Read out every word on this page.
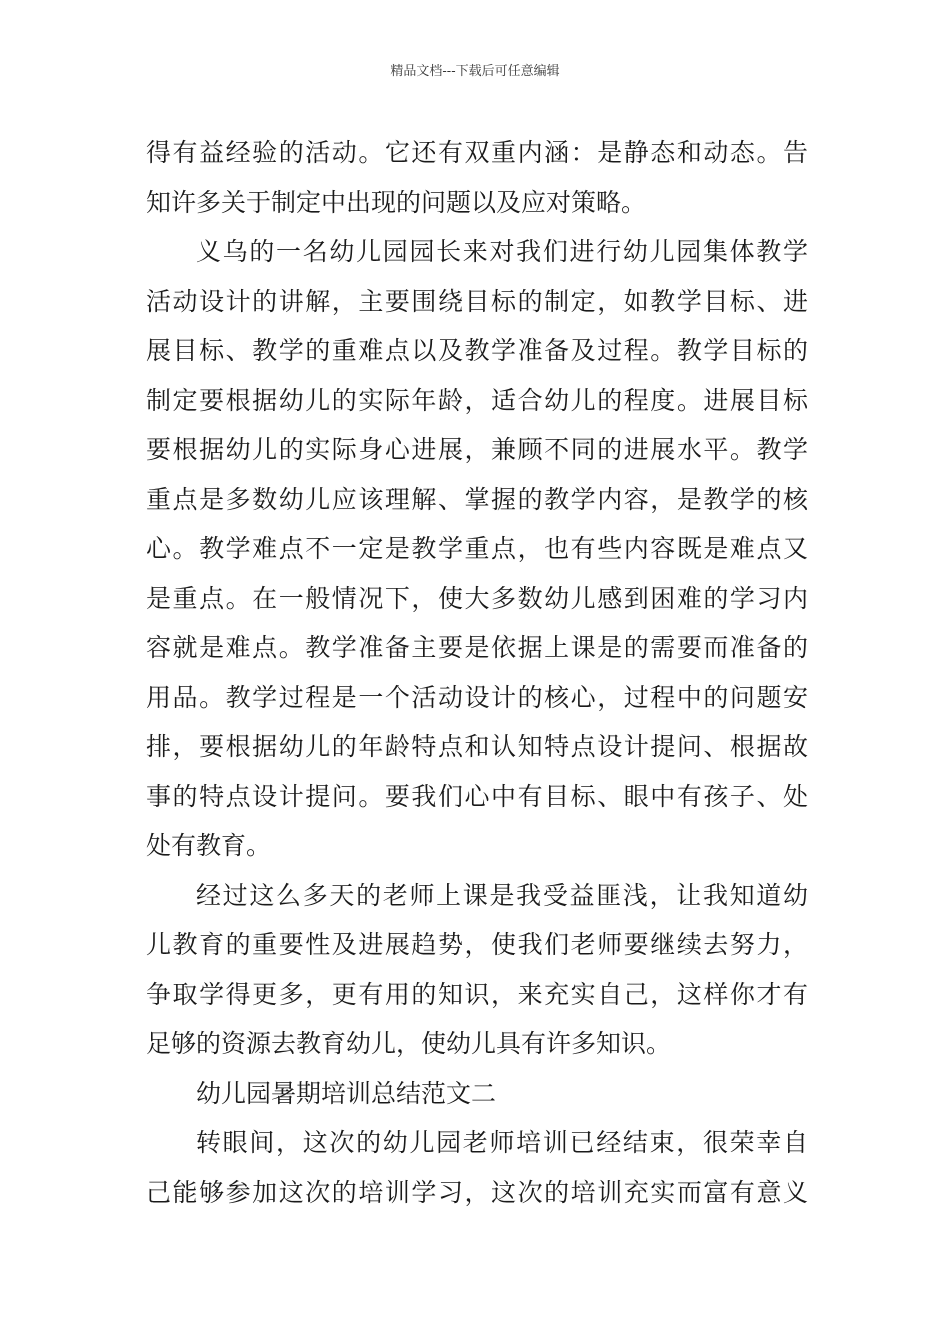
精品文档---下载后可任意编辑
得有益经验的活动。它还有双重内涵：是静态和动态。告
知许多关于制定中出现的问题以及应对策略。
义乌的一名幼儿园园长来对我们进行幼儿园集体教学
活动设计的讲解，主要围绕目标的制定，如教学目标、进
展目标、教学的重难点以及教学准备及过程。教学目标的
制定要根据幼儿的实际年龄，适合幼儿的程度。进展目标
要根据幼儿的实际身心进展，兼顾不同的进展水平。教学
重点是多数幼儿应该理解、掌握的教学内容，是教学的核
心。教学难点不一定是教学重点，也有些内容既是难点又
是重点。在一般情况下，使大多数幼儿感到困难的学习内
容就是难点。教学准备主要是依据上课是的需要而准备的
用品。教学过程是一个活动设计的核心，过程中的问题安
排，要根据幼儿的年龄特点和认知特点设计提问、根据故
事的特点设计提问。要我们心中有目标、眼中有孩子、处
处有教育。
经过这么多天的老师上课是我受益匪浅，让我知道幼
儿教育的重要性及进展趋势，使我们老师要继续去努力，
争取学得更多，更有用的知识，来充实自己，这样你才有
足够的资源去教育幼儿，使幼儿具有许多知识。
幼儿园暑期培训总结范文二
转眼间，这次的幼儿园老师培训已经结束，很荣幸自
己能够参加这次的培训学习，这次的培训充实而富有意义
